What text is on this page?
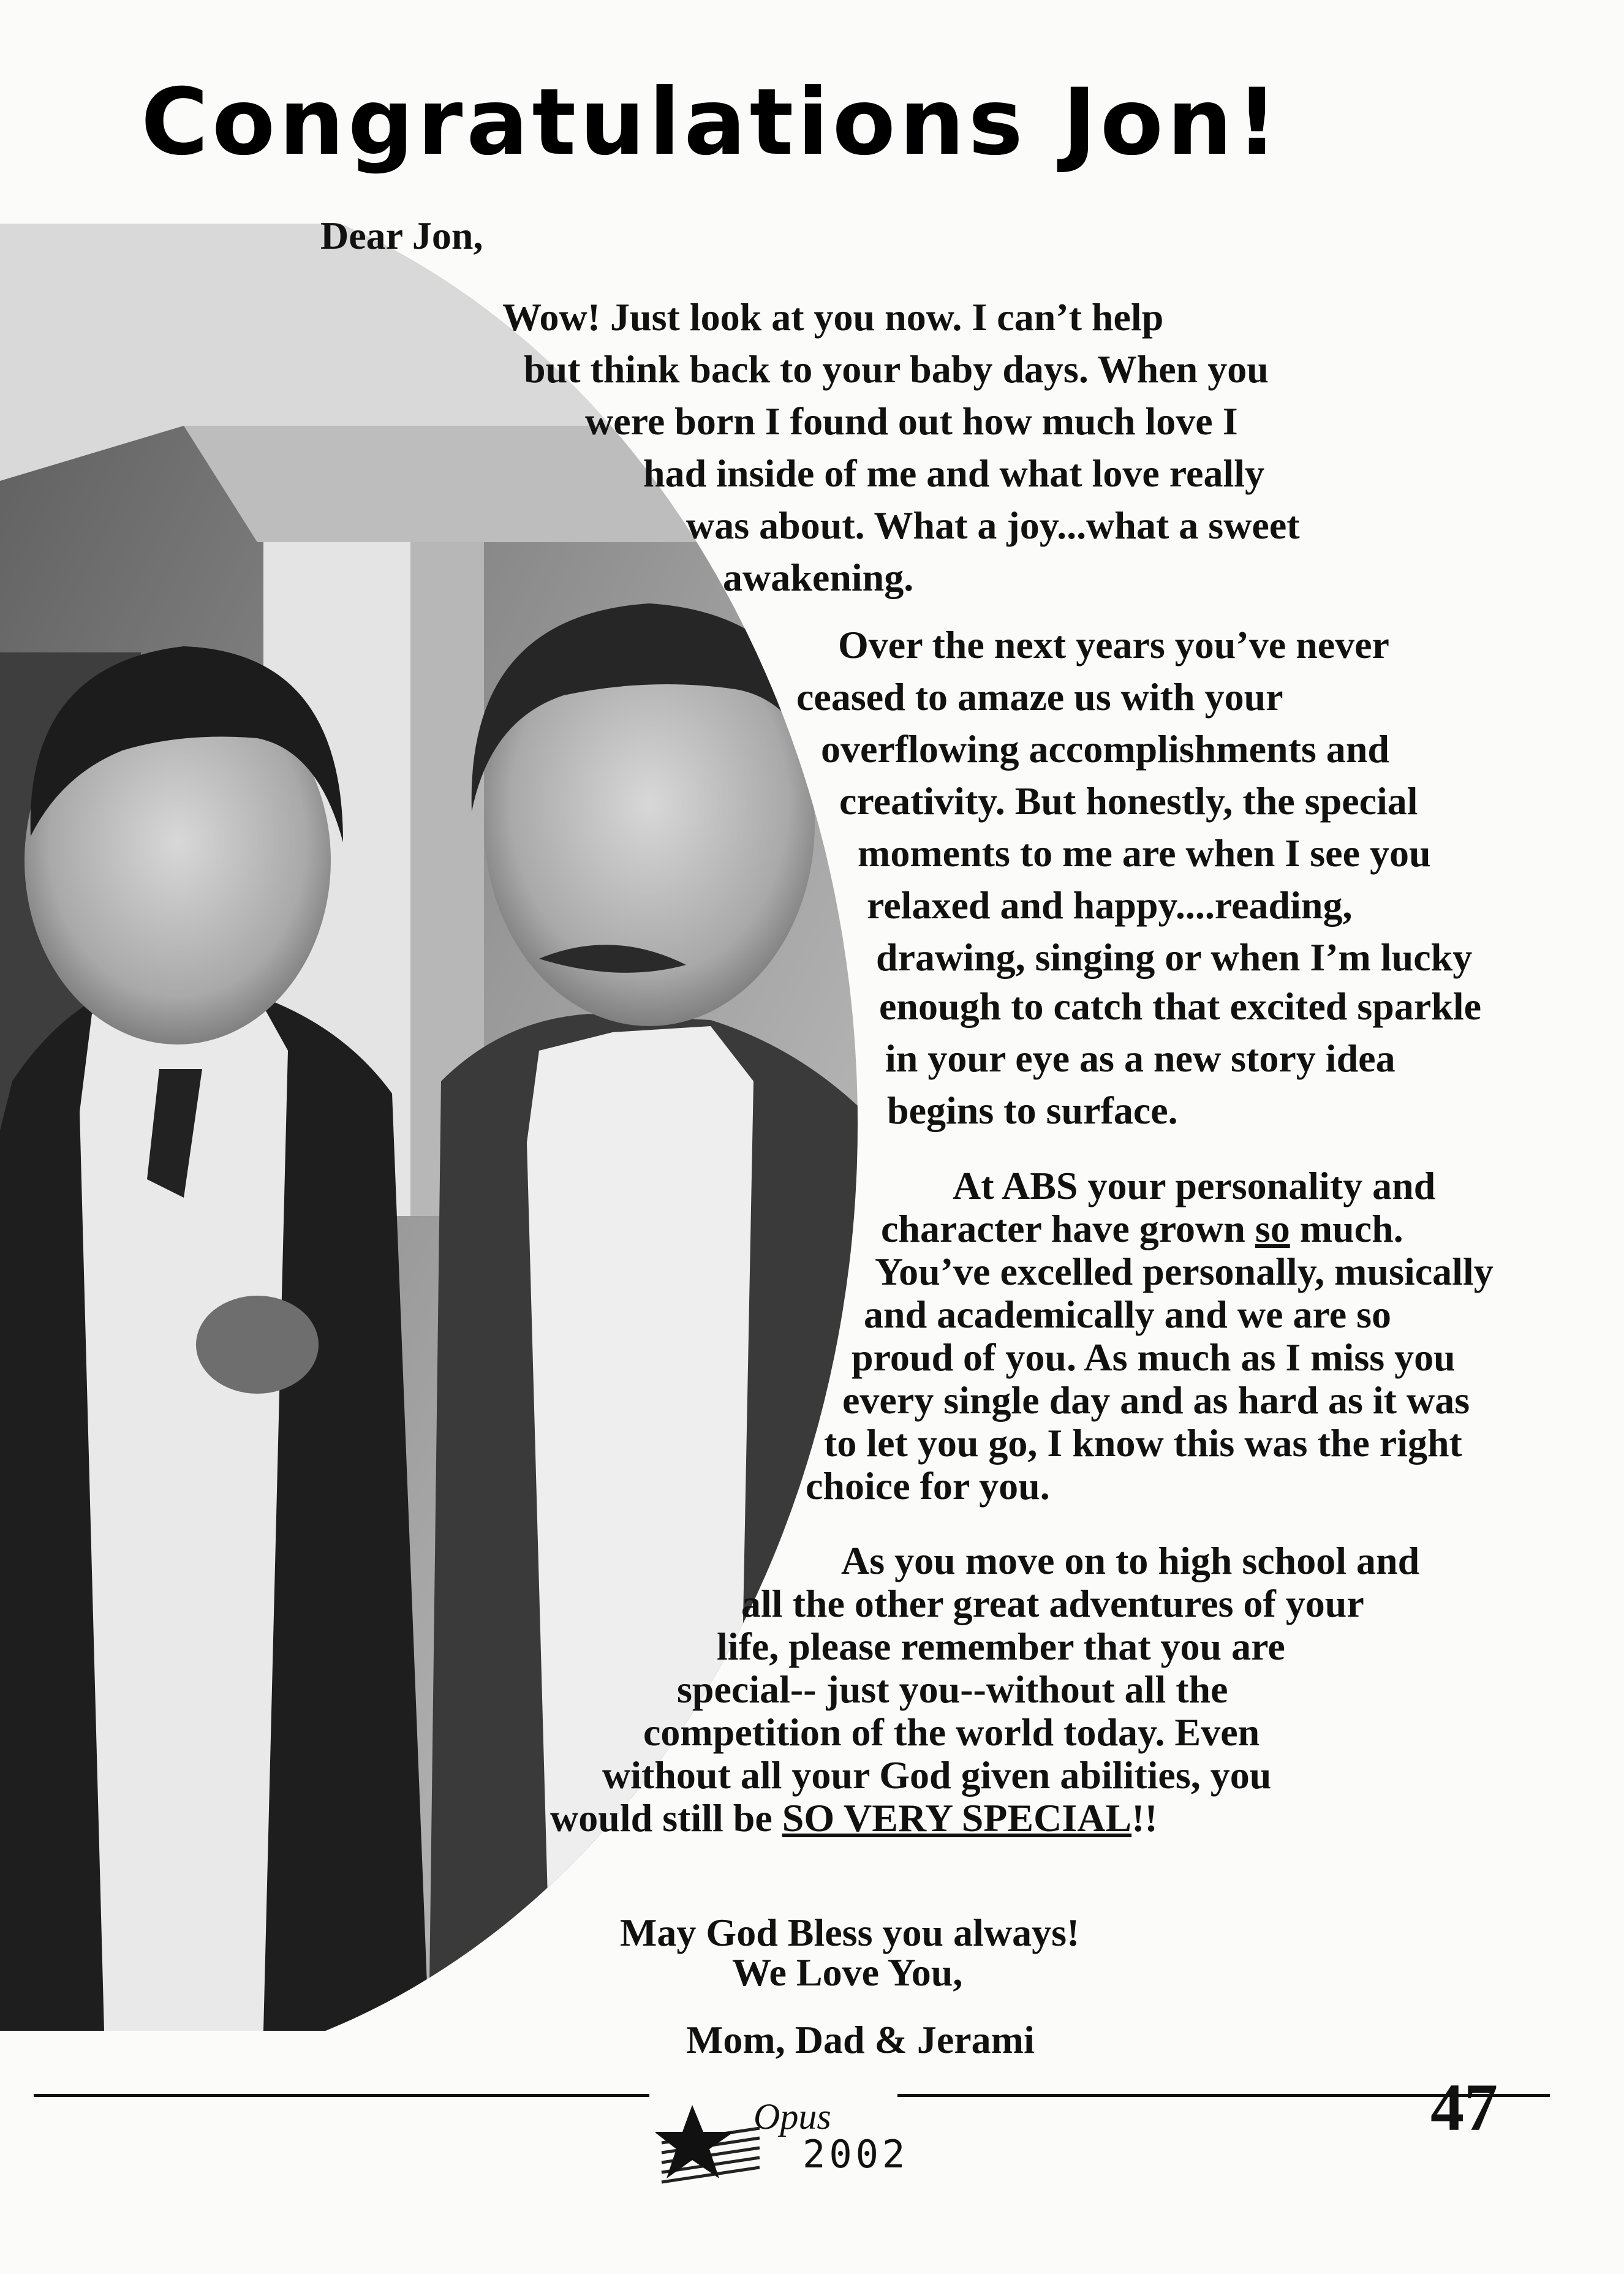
Congratulations Jon!
Dear Jon,
Wow! Just look at you now. I can’t help
but think back to your baby days. When you
were born I found out how much love I
had inside of me and what love really
was about. What a joy...what a sweet
awakening.
Over the next years you’ve never
ceased to amaze us with your
overflowing accomplishments and
creativity. But honestly, the special
moments to me are when I see you
relaxed and happy....reading,
drawing, singing or when I’m lucky
enough to catch that excited sparkle
in your eye as a new story idea
begins to surface.
At ABS your personality and
character have grown so much.
You’ve excelled personally, musically
and academically and we are so
proud of you. As much as I miss you
every single day and as hard as it was
to let you go, I know this was the right
choice for you.
As you move on to high school and
all the other great adventures of your
life, please remember that you are
special-- just you--without all the
competition of the world today. Even
without all your God given abilities, you
would still be SO VERY SPECIAL!!
May God Bless you always!
We Love You,
Mom, Dad & Jerami
Opus
2002
47
